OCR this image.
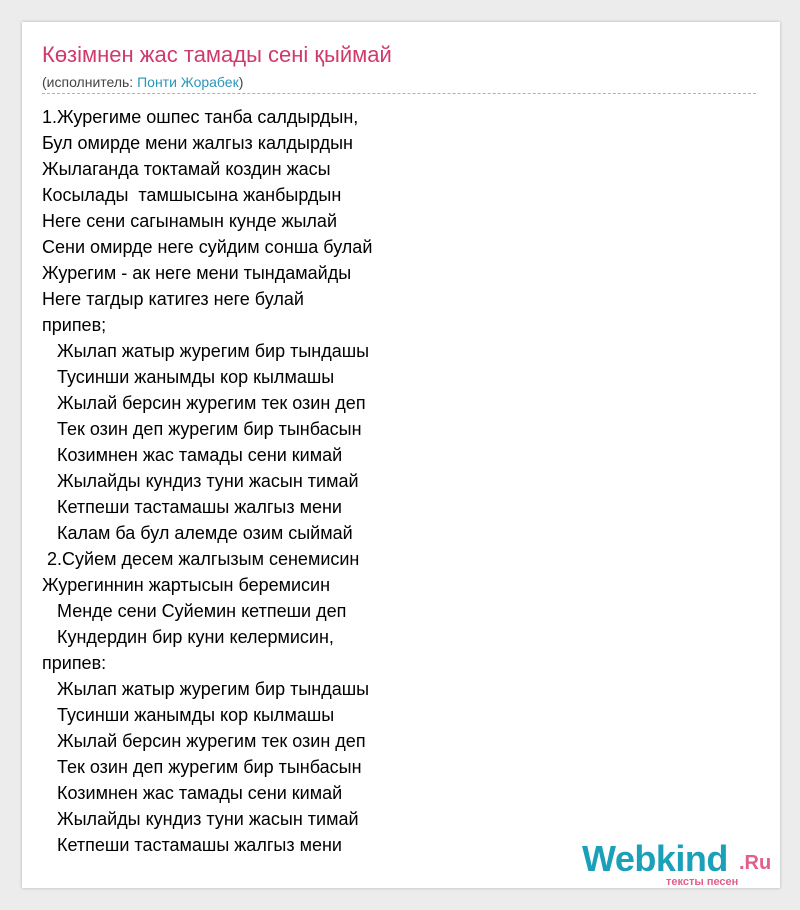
Көзімнен жас тамады сені қыймай
(исполнитель: Понти Жорабек)
1.Журегиме ошпес танба салдырдын,
Бул омирде мени жалгыз калдырдын
Жылаганда токтамай коздин жасы
Косылады  тамшысына жанбырдын
Неге сени сагынамын кунде жылай
Сени омирде неге суйдим сонша булай
Журегим - ак неге мени тындамайды
Неге тагдыр катигез неге булай
припев;
Жылап жатыр журегим бир тындашы
Тусинши жанымды кор кылмашы
Жылай берсин журегим тек озин деп
Тек озин деп журегим бир тынбасын
Козимнен жас тамады сени кимай
Жылайды кундиз туни жасын тимай
Кетпеши тастамашы жалгыз мени
Калам ба бул алемде озим сыймай
2.Суйем десем жалгызым сенемисин
Журегиннин жартысын беремисин
Менде сени Суйемин кетпеши деп
Кундердин бир куни келермисин,
припев:
Жылап жатыр журегим бир тындашы
Тусинши жанымды кор кылмашы
Жылай берсин журегим тек озин деп
Тек озин деп журегим бир тынбасын
Козимнен жас тамады сени кимай
Жылайды кундиз туни жасын тимай
Кетпеши тастамашы жалгыз мени	Webkind .Ru
тексты песен
